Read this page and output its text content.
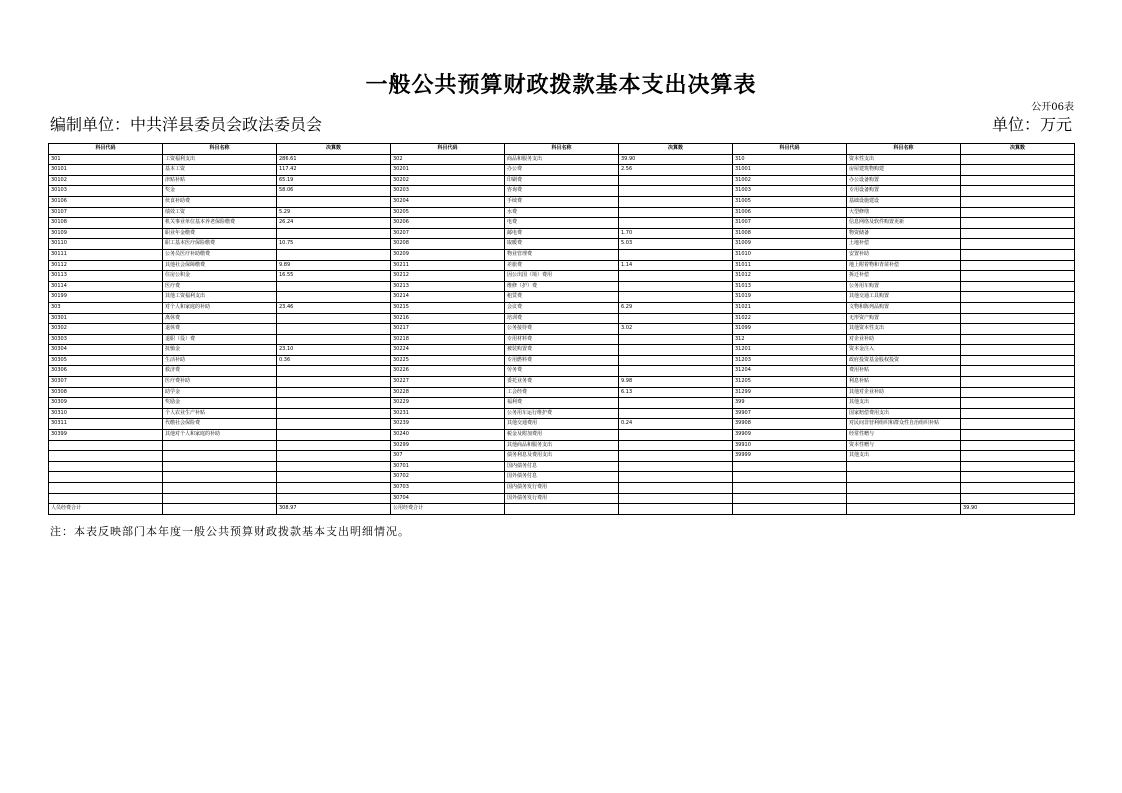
一般公共预算财政拨款基本支出决算表
公开06表
编制单位：中共洋县委员会政法委员会	单位：万元
科目代码	科目名称	决算数	科目代码	科目名称	决算数	科目代码	科目名称	决算数
301	工资福利支出	286.61	302	商品和服务支出	39.90	310	资本性支出	
30101	基本工资	117.42	30201	办公费	2.56	31001	房屋建筑物购建	
30102	津贴补贴	65.19	30202	印刷费		31002	办公设备购置	
30103	奖金	58.06	30203	咨询费		31003	专用设备购置	
30106	伙食补助费		30204	手续费		31005	基础设施建设	
30107	绩效工资	5.29	30205	水费		31006	大型修缮	
30108	机关事业单位基本养老保险缴费	26.24	30206	电费		31007	信息网络及软件购置更新	
30109	职业年金缴费		30207	邮电费	1.70	31008	物资储备	
30110	职工基本医疗保险缴费	10.75	30208	取暖费	5.03	31009	土地补偿	
30111	公务员医疗补助缴费		30209	物业管理费		31010	安置补助	
30112	其他社会保障缴费	9.89	30211	差旅费	1.14	31011	地上附着物和青苗补偿	
30113	住房公积金	16.55	30212	因公出国（境）费用		31012	拆迁补偿	
30114	医疗费		30213	维修（护）费		31013	公务用车购置	
30199	其他工资福利支出		30214	租赁费		31019	其他交通工具购置	
303	对个人和家庭的补助	23.46	30215	会议费	6.29	31021	文物和陈列品购置	
30301	离休费		30216	培训费		31022	无形资产购置	
30302	退休费		30217	公务接待费	3.02	31099	其他资本性支出	
30303	退职（役）费		30218	专用材料费		312	对企业补助	
30304	抚恤金	23.10	30224	被装购置费		31201	资本金注入	
30305	生活补助	0.36	30225	专用燃料费		31203	政府投资基金股权投资	
30306	救济费		30226	劳务费		31204	费用补贴	
30307	医疗费补助		30227	委托业务费	9.98	31205	利息补贴	
30308	助学金		30228	工会经费	6.13	31299	其他对企业补助	
30309	奖励金		30229	福利费		399	其他支出	
30310	个人农业生产补贴		30231	公务用车运行维护费		39907	国家赔偿费用支出	
30311	代缴社会保险费		30239	其他交通费用	0.24	39908	对民间非营利组织和群众性自治组织补贴	
30399	其他对个人和家庭的补助		30240	税金及附加费用		39909	经常性赠与	
			30299	其他商品和服务支出		39910	资本性赠与	
			307	债务利息及费用支出		39999	其他支出	
			30701	国内债务付息				
			30702	国外债务付息				
			30703	国内债务发行费用				
			30704	国外债务发行费用				
人员经费合计		308.97	公用经费合计					39.90
注：本表反映部门本年度一般公共预算财政拨款基本支出明细情况。
